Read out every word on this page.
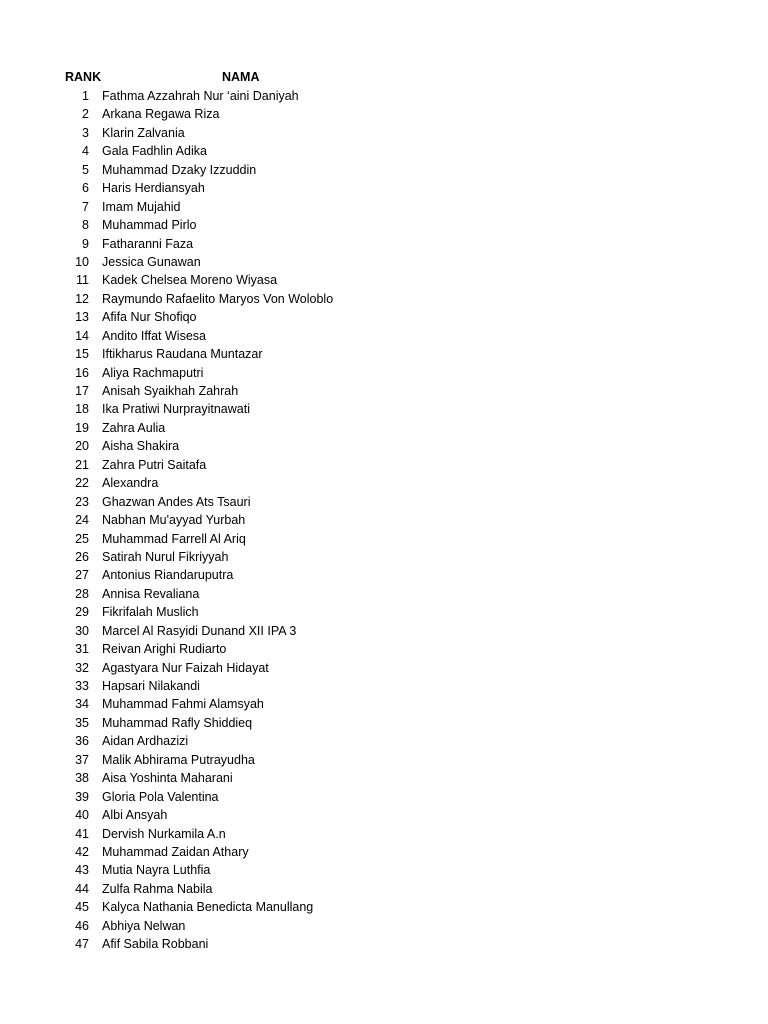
RANK	NAMA
1 Fathma Azzahrah Nur ‘aini Daniyah
2 Arkana Regawa Riza
3 Klarin Zalvania
4 Gala Fadhlin Adika
5 Muhammad Dzaky Izzuddin
6 Haris Herdiansyah
7 Imam Mujahid
8 Muhammad Pirlo
9 Fatharanni Faza
10 Jessica Gunawan
11 Kadek Chelsea Moreno Wiyasa
12 Raymundo Rafaelito Maryos Von Woloblo
13 Afifa Nur Shofiqo
14 Andito Iffat Wisesa
15 Iftikharus Raudana Muntazar
16 Aliya Rachmaputri
17 Anisah Syaikhah Zahrah
18 Ika Pratiwi Nurprayitnawati
19 Zahra Aulia
20 Aisha Shakira
21 Zahra Putri Saitafa
22 Alexandra
23 Ghazwan Andes Ats Tsauri
24 Nabhan Mu'ayyad Yurbah
25 Muhammad Farrell Al Ariq
26 Satirah Nurul Fikriyyah
27 Antonius Riandaruputra
28 Annisa Revaliana
29 Fikrifalah Muslich
30 Marcel Al Rasyidi Dunand XII IPA 3
31 Reivan Arighi Rudiarto
32 Agastyara Nur Faizah Hidayat
33 Hapsari Nilakandi
34 Muhammad Fahmi Alamsyah
35 Muhammad Rafly Shiddieq
36 Aidan Ardhazizi
37 Malik Abhirama Putrayudha
38 Aisa Yoshinta Maharani
39 Gloria Pola Valentina
40 Albi Ansyah
41 Dervish Nurkamila A.n
42 Muhammad Zaidan Athary
43 Mutia Nayra Luthfia
44 Zulfa Rahma Nabila
45 Kalyca Nathania Benedicta Manullang
46 Abhiya Nelwan
47 Afif Sabila Robbani
